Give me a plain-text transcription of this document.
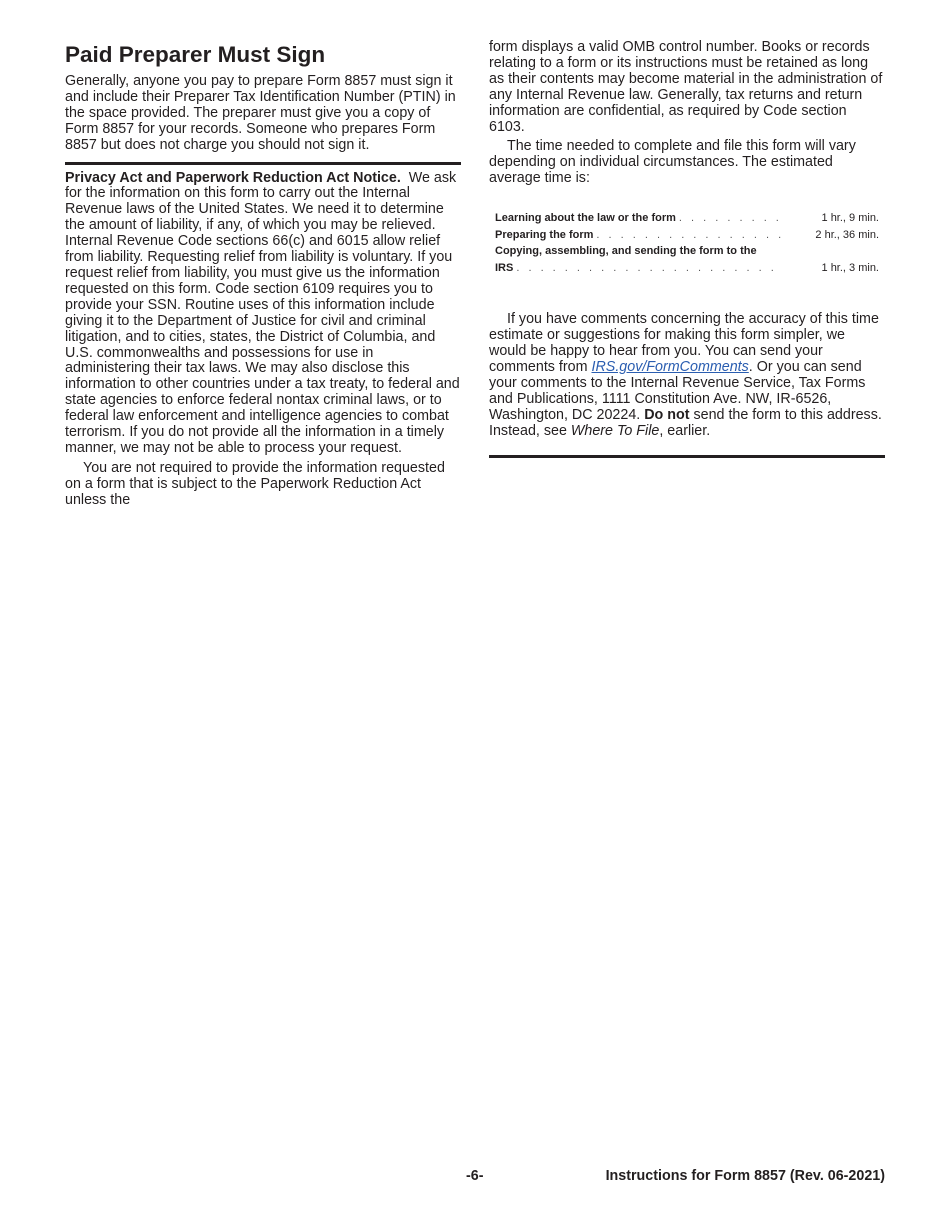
Paid Preparer Must Sign

Generally, anyone you pay to prepare Form 8857 must sign it and include their Preparer Tax Identification Number (PTIN) in the space provided. The preparer must give you a copy of Form 8857 for your records. Someone who prepares Form 8857 but does not charge you should not sign it.

Privacy Act and Paperwork Reduction Act Notice. We ask for the information on this form to carry out the Internal Revenue laws of the United States. We need it to determine the amount of liability, if any, of which you may be relieved. Internal Revenue Code sections 66(c) and 6015 allow relief from liability. Requesting relief from liability is voluntary. If you request relief from liability, you must give us the information requested on this form. Code section 6109 requires you to provide your SSN. Routine uses of this information include giving it to the Department of Justice for civil and criminal litigation, and to cities, states, the District of Columbia, and U.S. commonwealths and possessions for use in administering their tax laws. We may also disclose this information to other countries under a tax treaty, to federal and state agencies to enforce federal nontax criminal laws, or to federal law enforcement and intelligence agencies to combat terrorism. If you do not provide all the information in a timely manner, we may not be able to process your request.

You are not required to provide the information requested on a form that is subject to the Paperwork Reduction Act unless the

form displays a valid OMB control number. Books or records relating to a form or its instructions must be retained as long as their contents may become material in the administration of any Internal Revenue law. Generally, tax returns and return information are confidential, as required by Code section 6103.

The time needed to complete and file this form will vary depending on individual circumstances. The estimated average time is:

Learning about the law or the form . . .	1 hr., 9 min.
Preparing the form . . .	2 hr., 36 min.
Copying, assembling, and sending the form to the
IRS . . .	1 hr., 3 min.

If you have comments concerning the accuracy of this time estimate or suggestions for making this form simpler, we would be happy to hear from you. You can send your comments from IRS.gov/FormComments. Or you can send your comments to the Internal Revenue Service, Tax Forms and Publications, 1111 Constitution Ave. NW, IR-6526, Washington, DC 20224. Do not send the form to this address. Instead, see Where To File, earlier.

-6-	Instructions for Form 8857 (Rev. 06-2021)
